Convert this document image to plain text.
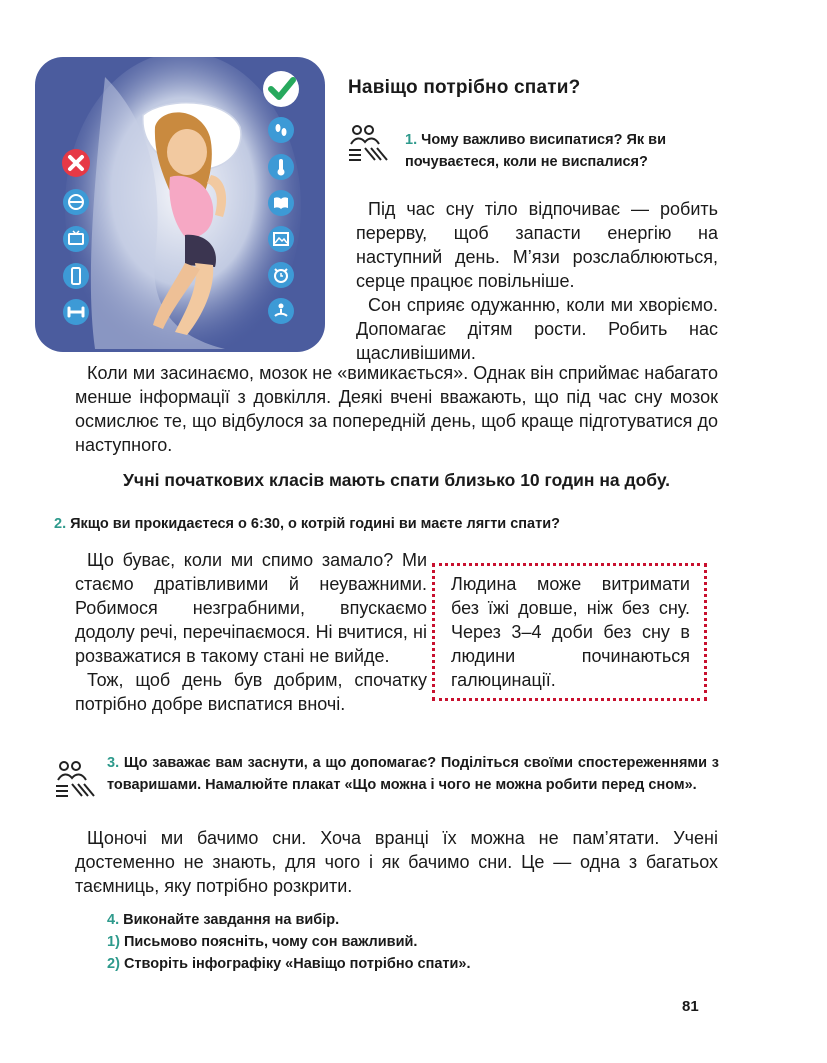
Навіщо потрібно спати?
1. Чому важливо висипатися? Як ви почуваєтеся, коли не виспалися?
Під час сну тіло відпочиває — робить перерву, щоб запасти енергію на наступний день. М’язи розслаблюються, серце працює повільніше.
Сон сприяє одужанню, коли ми хворіємо. Допомагає дітям рости. Робить нас щасливішими.
Коли ми засинаємо, мозок не «вимикається». Однак він сприймає набагато менше інформації з довкілля. Деякі вчені вважають, що під час сну мозок осмислює те, що відбулося за попередній день, щоб краще підготуватися до наступного.
Учні початкових класів мають спати близько 10 годин на добу.
2. Якщо ви прокидаєтеся о 6:30, о котрій годині ви маєте лягти спати?
Що буває, коли ми спимо замало? Ми стаємо дратівливими й неуважними. Робимося незграбними, впускаємо додолу речі, перечіпаємося. Ні вчитися, ні розважатися в такому стані не вийде.
Тож, щоб день був добрим, спочатку потрібно добре виспатися вночі.
Людина може витримати без їжі довше, ніж без сну. Через 3–4 доби без сну в людини починаються галюцинації.
3. Що заважає вам заснути, а що допомагає? Поділіться своїми спостереженнями з товаришами. Намалюйте плакат «Що можна і чого не можна робити перед сном».
Щоночі ми бачимо сни. Хоча вранці їх можна не пам’ятати. Учені достеменно не знають, для чого і як бачимо сни. Це — одна з багатьох таємниць, яку потрібно розкрити.
4. Виконайте завдання на вибір.
1) Письмово поясніть, чому сон важливий.
2) Створіть інфографіку «Навіщо потрібно спати».
81
